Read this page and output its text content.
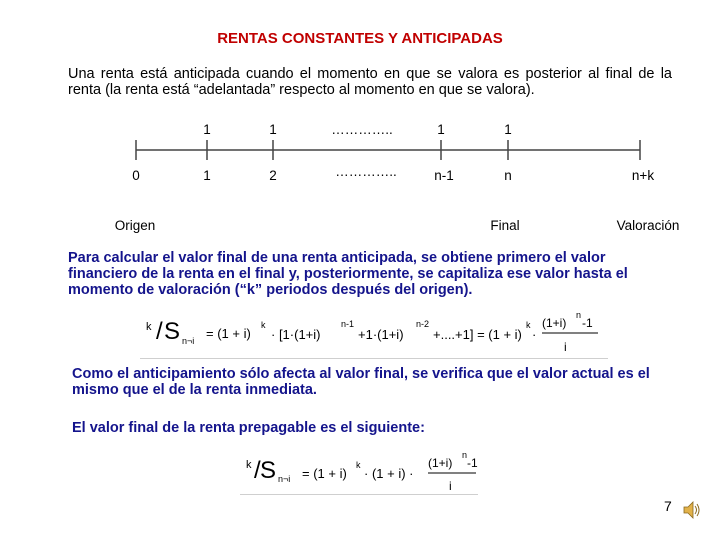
RENTAS CONSTANTES Y ANTICIPADAS
Una renta está anticipada cuando el momento en que se valora es posterior al final de la renta (la renta está “adelantada” respecto al momento en que se valora).
1	1	…………..	1	1
0	1	2	…………..	n-1	n	n+k
Origen	Final	Valoración
Para calcular el valor final de una renta anticipada, se obtiene primero el valor financiero de la renta en el final y, posteriormente, se capitaliza ese valor hasta el momento de valoración (“k” periodos después del origen).
k / S n¬i = (1 + i)
k
· [1·(1+i)
n-1
+1·(1+i)
n-2
+....+1] = (1 + i)
k
·
(1+i)
n
-1
i
Como el anticipamiento sólo afecta al valor final, se verifica que el valor actual es el mismo que el de la renta inmediata.
El valor final de la renta prepagable es el siguiente:
k / S n¬i = (1 + i)
k
· (1 + i) ·
(1+i)
n
-1
i
7
